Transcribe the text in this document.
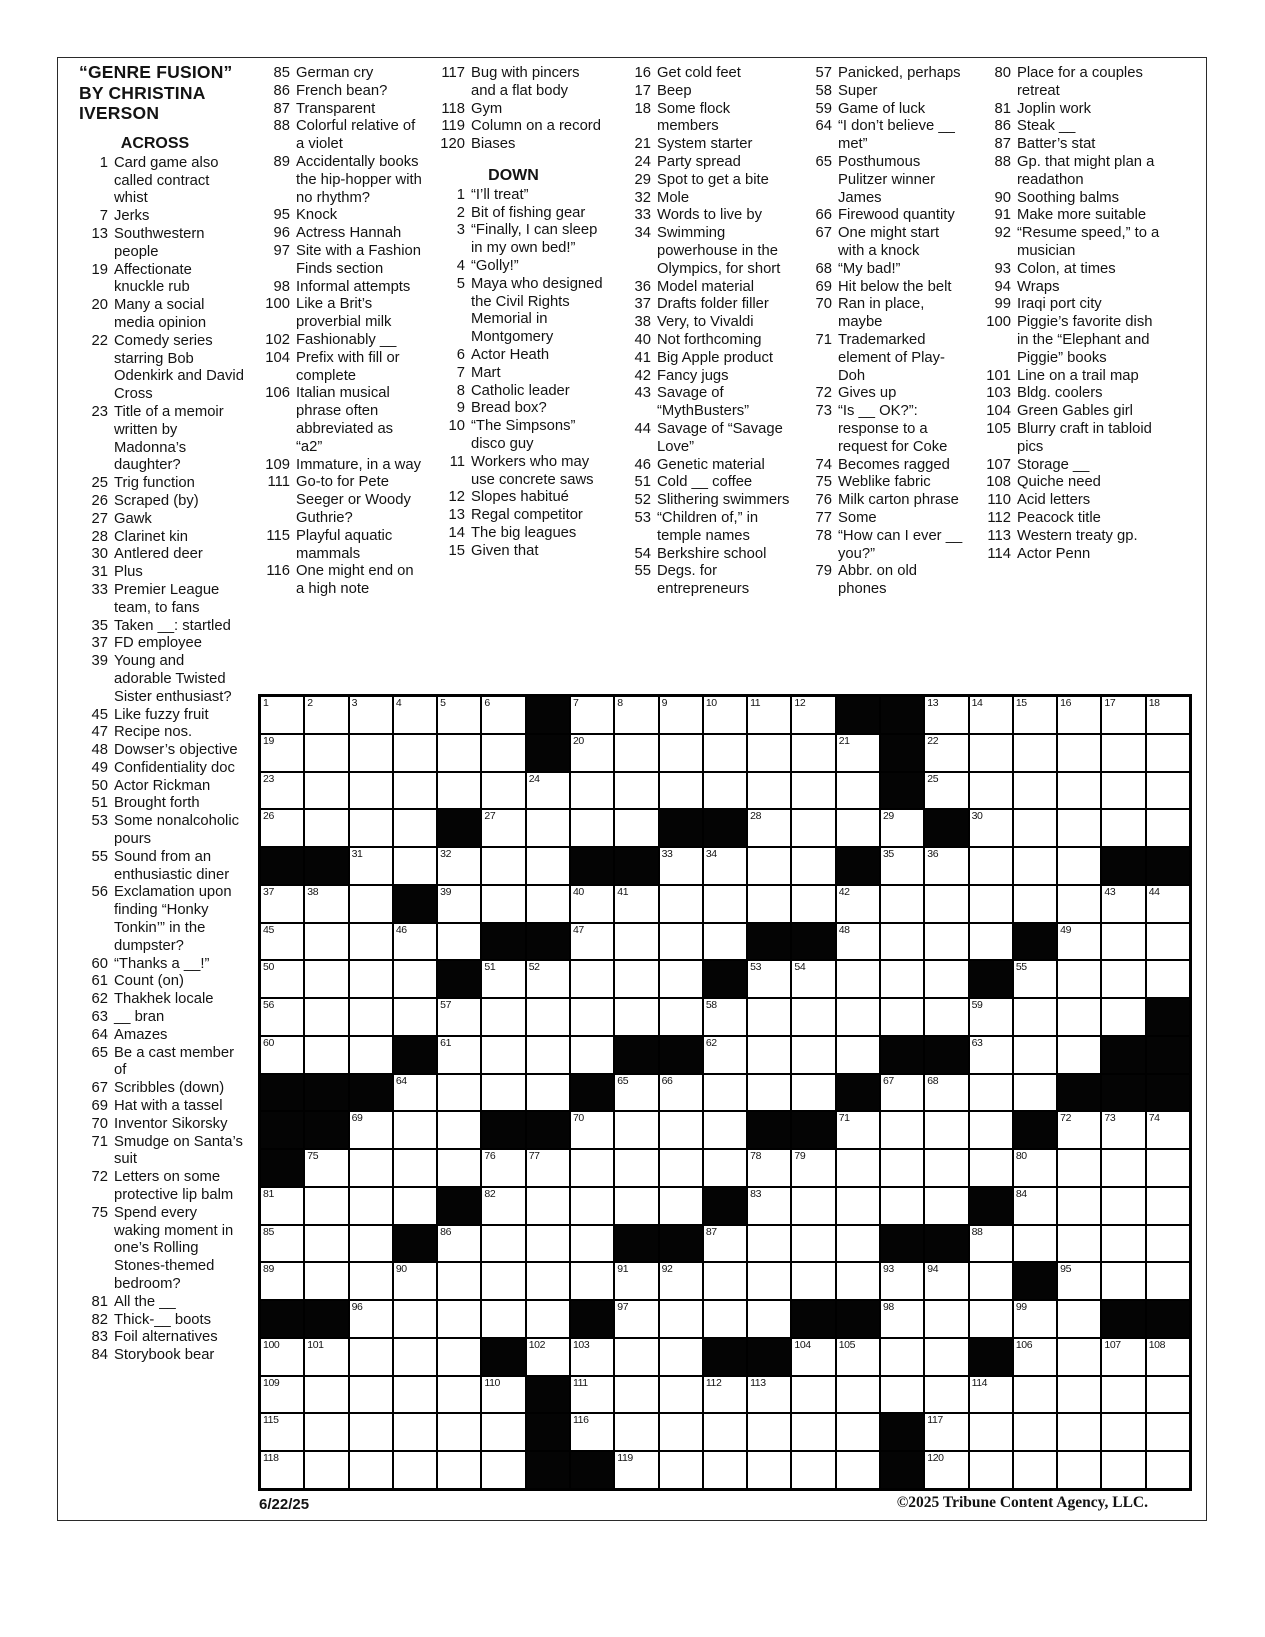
“GENRE FUSION”
BY CHRISTINA
IVERSON
ACROSS
1 Card game also called contract whist
7 Jerks
13 Southwestern people
19 Affectionate knuckle rub
20 Many a social media opinion
22 Comedy series starring Bob Odenkirk and David Cross
23 Title of a memoir written by Madonna’s daughter?
25 Trig function
26 Scraped (by)
27 Gawk
28 Clarinet kin
30 Antlered deer
31 Plus
33 Premier League team, to fans
35 Taken __: startled
37 FD employee
39 Young and adorable Twisted Sister enthusiast?
45 Like fuzzy fruit
47 Recipe nos.
48 Dowser’s objective
49 Confidentiality doc
50 Actor Rickman
51 Brought forth
53 Some nonalcoholic pours
55 Sound from an enthusiastic diner
56 Exclamation upon finding “Honky Tonkin’” in the dumpster?
60 “Thanks a __!”
61 Count (on)
62 Thakhek locale
63 __ bran
64 Amazes
65 Be a cast member of
67 Scribbles (down)
69 Hat with a tassel
70 Inventor Sikorsky
71 Smudge on Santa’s suit
72 Letters on some protective lip balm
75 Spend every waking moment in one’s Rolling Stones-themed bedroom?
81 All the __
82 Thick-__ boots
83 Foil alternatives
84 Storybook bear
85 German cry
86 French bean?
87 Transparent
88 Colorful relative of a violet
89 Accidentally books the hip-hopper with no rhythm?
95 Knock
96 Actress Hannah
97 Site with a Fashion Finds section
98 Informal attempts
100 Like a Brit’s proverbial milk
102 Fashionably __
104 Prefix with fill or complete
106 Italian musical phrase often abbreviated as “a2”
109 Immature, in a way
111 Go-to for Pete Seeger or Woody Guthrie?
115 Playful aquatic mammals
116 One might end on a high note
117 Bug with pincers and a flat body
118 Gym
119 Column on a record
120 Biases
DOWN
1 “I’ll treat”
2 Bit of fishing gear
3 “Finally, I can sleep in my own bed!”
4 “Golly!”
5 Maya who designed the Civil Rights Memorial in Montgomery
6 Actor Heath
7 Mart
8 Catholic leader
9 Bread box?
10 “The Simpsons” disco guy
11 Workers who may use concrete saws
12 Slopes habitué
13 Regal competitor
14 The big leagues
15 Given that
16 Get cold feet
17 Beep
18 Some flock members
21 System starter
24 Party spread
29 Spot to get a bite
32 Mole
33 Words to live by
34 Swimming powerhouse in the Olympics, for short
36 Model material
37 Drafts folder filler
38 Very, to Vivaldi
40 Not forthcoming
41 Big Apple product
42 Fancy jugs
43 Savage of “MythBusters”
44 Savage of “Savage Love”
46 Genetic material
51 Cold __ coffee
52 Slithering swimmers
53 “Children of,” in temple names
54 Berkshire school
55 Degs. for entrepreneurs
57 Panicked, perhaps
58 Super
59 Game of luck
64 “I don’t believe __ met”
65 Posthumous Pulitzer winner James
66 Firewood quantity
67 One might start with a knock
68 “My bad!”
69 Hit below the belt
70 Ran in place, maybe
71 Trademarked element of Play-Doh
72 Gives up
73 “Is __ OK?”: response to a request for Coke
74 Becomes ragged
75 Weblike fabric
76 Milk carton phrase
77 Some
78 “How can I ever __ you?”
79 Abbr. on old phones
80 Place for a couples retreat
81 Joplin work
86 Steak __
87 Batter’s stat
88 Gp. that might plan a readathon
90 Soothing balms
91 Make more suitable
92 “Resume speed,” to a musician
93 Colon, at times
94 Wraps
99 Iraqi port city
100 Piggie’s favorite dish in the “Elephant and Piggie” books
101 Line on a trail map
103 Bldg. coolers
104 Green Gables girl
105 Blurry craft in tabloid pics
107 Storage __
108 Quiche need
110 Acid letters
112 Peacock title
113 Western treaty gp.
114 Actor Penn
1	2	3	4	5	6	7	8	9	10	11	12	13	14	15	16	17	18
19	20	21	22
23	24	25
26	27	28	29	30
31	32	33	34	35	36
37	38	39	40	41	42	43	44
45	46	47	48	49
50	51	52	53	54	55
56	57	58	59
60	61	62	63
64	65	66	67	68
69	70	71	72	73	74
75	76	77	78	79	80
81	82	83	84
85	86	87	88
89	90	91	92	93	94	95
96	97	98	99
100	101	102	103	104	105	106	107	108
109	110	111	112	113	114
115	116	117
118	119	120
6/22/25	©2025 Tribune Content Agency, LLC.
